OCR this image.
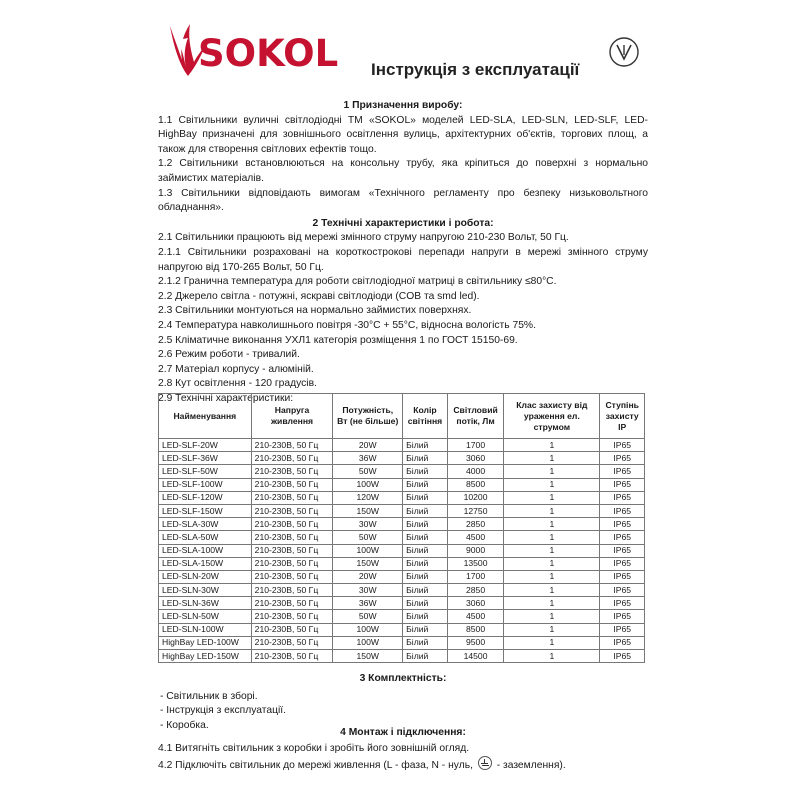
SOKOL Інструкція з експлуатації

1 Призначення виробу:

1.1 Світильники вуличні світлодіодні ТМ «SOKOL» моделей LED-SLA, LED-SLN, LED-SLF, LED-HighBay призначені для зовнішнього освітлення вулиць, архітектурних об'єктів, торгових площ, а також для створення світлових ефектів тощо.

1.2 Світильники встановлюються на консольну трубу, яка кріпиться до поверхні з нормально займистих матеріалів.

1.3 Світильники відповідають вимогам «Технічного регламенту про безпеку низьковольтного обладнання».

2 Технічні характеристики і робота:

2.1 Світильники працюють від мережі змінного струму напругою 210-230 Вольт, 50 Гц.

2.1.1 Світильники розраховані на короткострокові перепади напруги в мережі змінного струму напругою від 170-265 Вольт, 50 Гц.

2.1.2 Гранична температура для роботи світлодіодної матриці в світильнику ≤80°С.

2.2 Джерело світла - потужні, яскраві світлодіоди (COB та smd led).

2.3 Світильники монтуються на нормально займистих поверхнях.

2.4 Температура навколишнього повітря -30°С + 55°С, відносна вологість 75%.

2.5 Кліматичне виконання УХЛ1 категорія розміщення 1 по ГОСТ 15150-69.

2.6 Режим роботи - тривалий.

2.7 Матеріал корпусу - алюміній.

2.8 Кут освітлення - 120 градусів.

2.9 Технічні характеристики:

Найменування	Напруга живлення	Потужність, Вт (не більше)	Колір світіння	Світловий потік, Лм	Клас захисту від ураження ел. струмом	Ступінь захисту IP
LED-SLF-20W	210-230В, 50 Гц	20W	Білий	1700	1	IP65
LED-SLF-36W	210-230В, 50 Гц	36W	Білий	3060	1	IP65
LED-SLF-50W	210-230В, 50 Гц	50W	Білий	4000	1	IP65
LED-SLF-100W	210-230В, 50 Гц	100W	Білий	8500	1	IP65
LED-SLF-120W	210-230В, 50 Гц	120W	Білий	10200	1	IP65
LED-SLF-150W	210-230В, 50 Гц	150W	Білий	12750	1	IP65
LED-SLA-30W	210-230В, 50 Гц	30W	Білий	2850	1	IP65
LED-SLA-50W	210-230В, 50 Гц	50W	Білий	4500	1	IP65
LED-SLA-100W	210-230В, 50 Гц	100W	Білий	9000	1	IP65
LED-SLA-150W	210-230В, 50 Гц	150W	Білий	13500	1	IP65
LED-SLN-20W	210-230В, 50 Гц	20W	Білий	1700	1	IP65
LED-SLN-30W	210-230В, 50 Гц	30W	Білий	2850	1	IP65
LED-SLN-36W	210-230В, 50 Гц	36W	Білий	3060	1	IP65
LED-SLN-50W	210-230В, 50 Гц	50W	Білий	4500	1	IP65
LED-SLN-100W	210-230В, 50 Гц	100W	Білий	8500	1	IP65
HighBay LED-100W	210-230В, 50 Гц	100W	Білий	9500	1	IP65
HighBay LED-150W	210-230В, 50 Гц	150W	Білий	14500	1	IP65

3 Комплектність:

- Світильник в зборі.

- Інструкція з експлуатації.

- Коробка.

4 Монтаж і підключення:

4.1 Витягніть світильник з коробки і зробіть його зовнішній огляд.

4.2 Підключіть світильник до мережі живлення (L - фаза, N - нуль, - заземлення).
